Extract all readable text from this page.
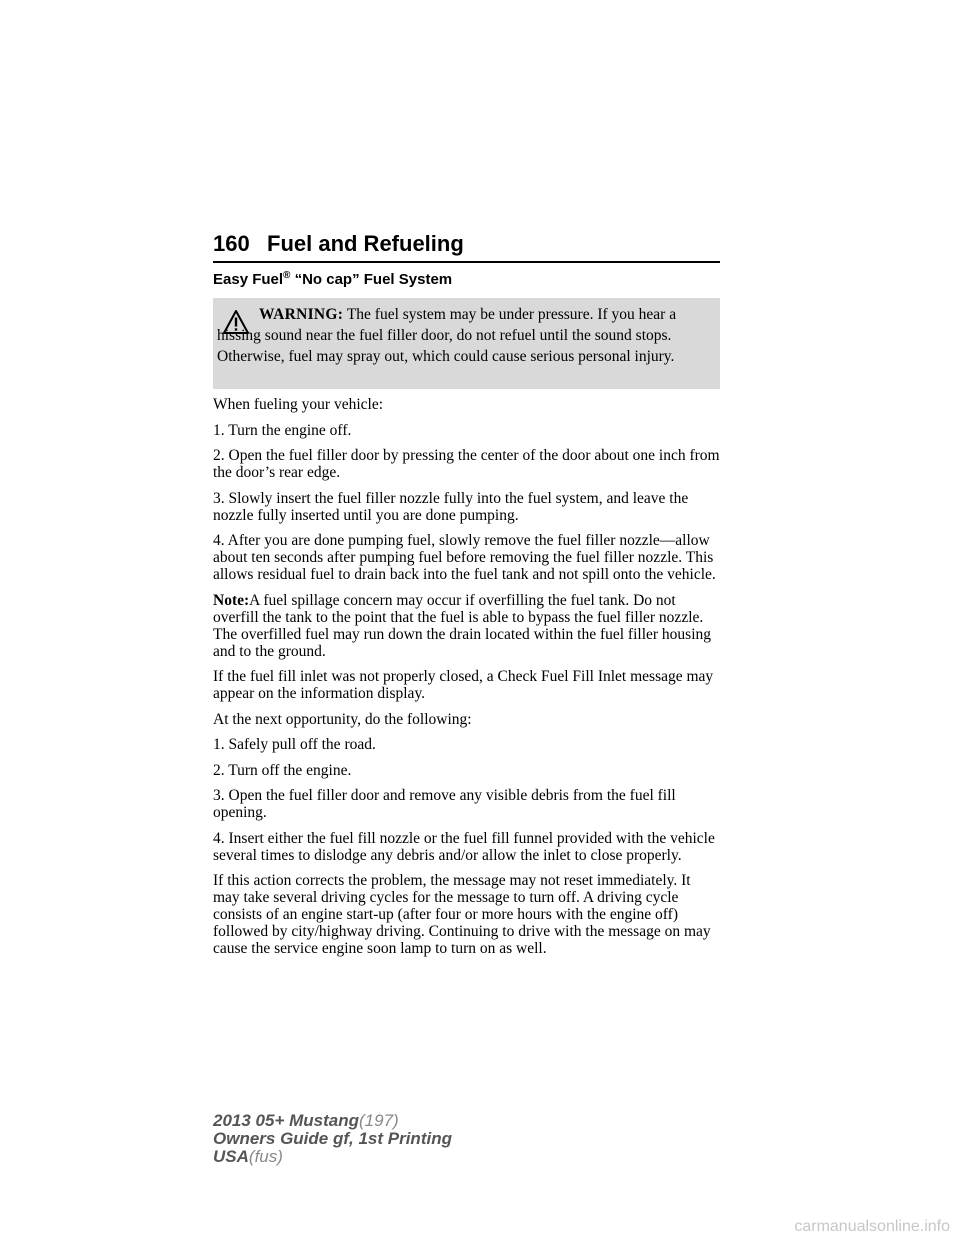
160 Fuel and Refueling
Easy Fuel® “No cap” Fuel System

WARNING: The fuel system may be under pressure. If you hear a hissing sound near the fuel filler door, do not refuel until the sound stops. Otherwise, fuel may spray out, which could cause serious personal injury.

When fueling your vehicle:

1. Turn the engine off.

2. Open the fuel filler door by pressing the center of the door about one inch from the door’s rear edge.

3. Slowly insert the fuel filler nozzle fully into the fuel system, and leave the nozzle fully inserted until you are done pumping.

4. After you are done pumping fuel, slowly remove the fuel filler nozzle—allow about ten seconds after pumping fuel before removing the fuel filler nozzle. This allows residual fuel to drain back into the fuel tank and not spill onto the vehicle.

Note:A fuel spillage concern may occur if overfilling the fuel tank. Do not overfill the tank to the point that the fuel is able to bypass the fuel filler nozzle. The overfilled fuel may run down the drain located within the fuel filler housing and to the ground.

If the fuel fill inlet was not properly closed, a Check Fuel Fill Inlet message may appear on the information display.

At the next opportunity, do the following:

1. Safely pull off the road.

2. Turn off the engine.

3. Open the fuel filler door and remove any visible debris from the fuel fill opening.

4. Insert either the fuel fill nozzle or the fuel fill funnel provided with the vehicle several times to dislodge any debris and/or allow the inlet to close properly.

If this action corrects the problem, the message may not reset immediately. It may take several driving cycles for the message to turn off. A driving cycle consists of an engine start-up (after four or more hours with the engine off) followed by city/highway driving. Continuing to drive with the message on may cause the service engine soon lamp to turn on as well.

2013 05+ Mustang(197)
Owners Guide gf, 1st Printing
USA(fus)
carmanualsonline.info
